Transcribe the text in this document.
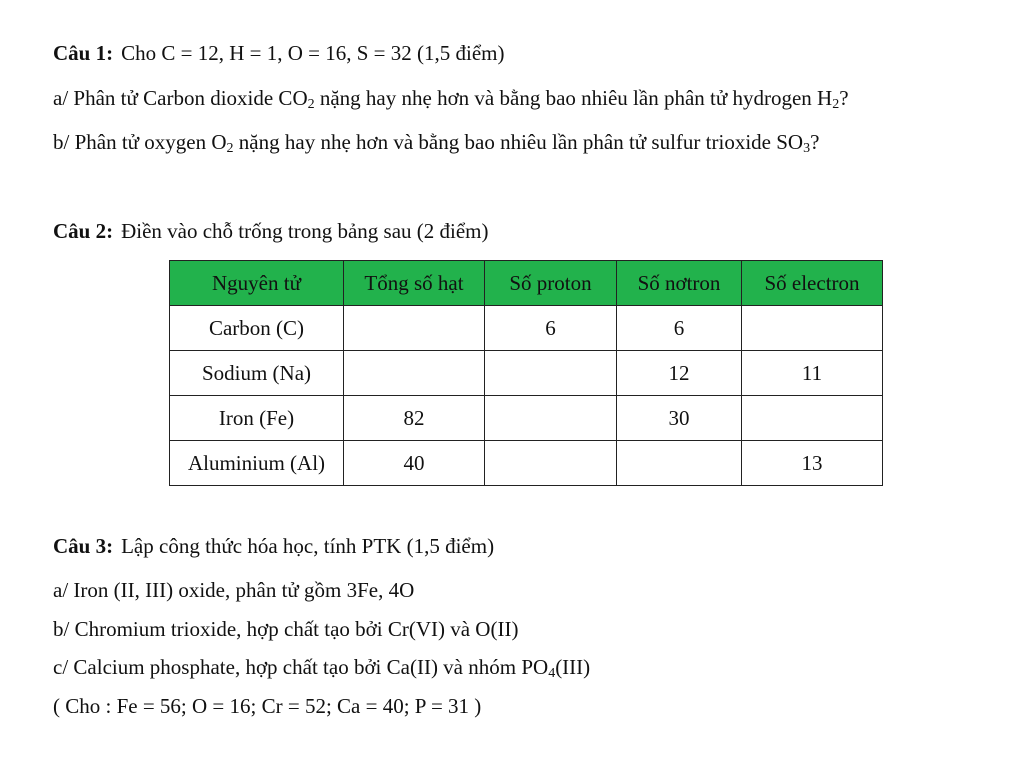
Câu 1: Cho C = 12, H = 1, O = 16, S = 32 (1,5 điểm)
a/ Phân tử Carbon dioxide $CO_2$ nặng hay nhẹ hơn và bằng bao nhiêu lần phân tử hydrogen $H_2$?
b/ Phân tử oxygen $O_2$ nặng hay nhẹ hơn và bằng bao nhiêu lần phân tử sulfur trioxide $SO_3$?
Câu 2: Điền vào chỗ trống trong bảng sau (2 điểm)
Nguyên tử	Tổng số hạt	Số proton	Số nơtron	Số electron
Carbon (C)		6	6	
Sodium (Na)			12	11
Iron (Fe)	82		30	
Aluminium (Al)	40			13
Câu 3: Lập công thức hóa học, tính PTK (1,5 điểm)
a/ Iron (II, III) oxide, phân tử gồm 3Fe, 4O
b/ Chromium trioxide, hợp chất tạo bởi Cr(VI) và O(II)
c/ Calcium phosphate, hợp chất tạo bởi Ca(II) và nhóm $PO_4(III)$
( Cho : Fe = 56; O = 16; Cr = 52; Ca = 40; P = 31 )
